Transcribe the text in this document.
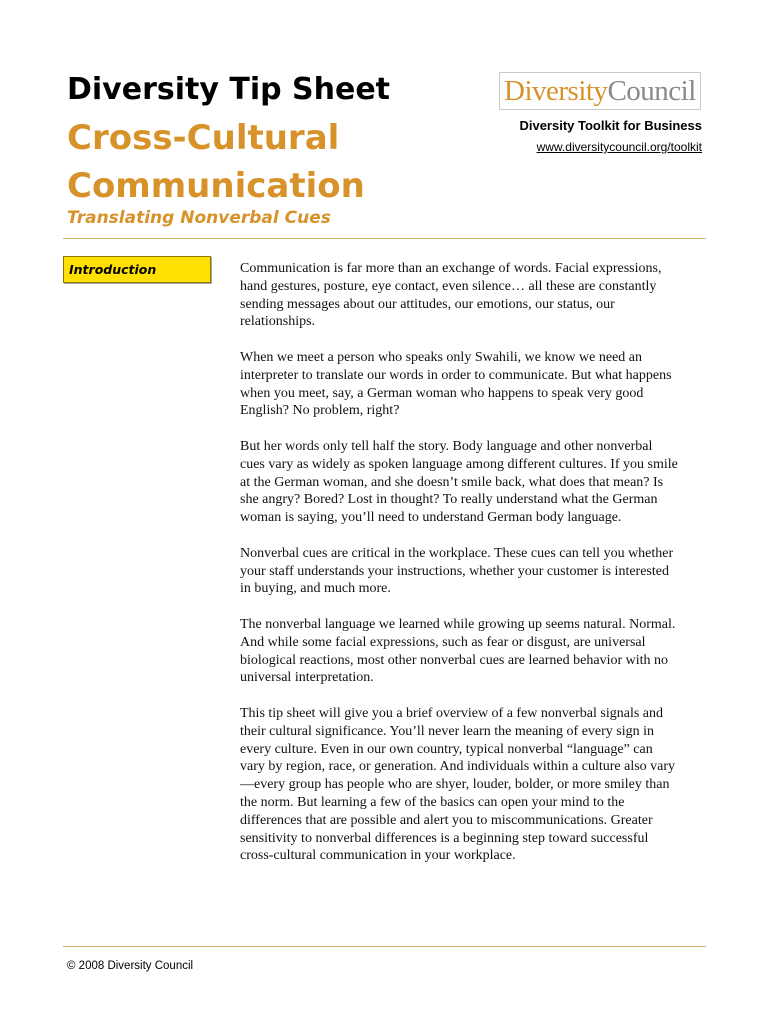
Diversity Tip Sheet
Cross-Cultural Communication
Translating Nonverbal Cues
Diversity Council
Diversity Toolkit for Business
www.diversitycouncil.org/toolkit
Introduction	Communication is far more than an exchange of words. Facial expressions, hand gestures, posture, eye contact, even silence… all these are constantly sending messages about our attitudes, our emotions, our status, our relationships.

When we meet a person who speaks only Swahili, we know we need an interpreter to translate our words in order to communicate. But what happens when you meet, say, a German woman who happens to speak very good English? No problem, right?

But her words only tell half the story. Body language and other nonverbal cues vary as widely as spoken language among different cultures. If you smile at the German woman, and she doesn’t smile back, what does that mean? Is she angry? Bored? Lost in thought? To really understand what the German woman is saying, you’ll need to understand German body language.

Nonverbal cues are critical in the workplace. These cues can tell you whether your staff understands your instructions, whether your customer is interested in buying, and much more.

The nonverbal language we learned while growing up seems natural. Normal. And while some facial expressions, such as fear or disgust, are universal biological reactions, most other nonverbal cues are learned behavior with no universal interpretation.

This tip sheet will give you a brief overview of a few nonverbal signals and their cultural significance. You’ll never learn the meaning of every sign in every culture. Even in our own country, typical nonverbal “language” can vary by region, race, or generation. And individuals within a culture also vary—every group has people who are shyer, louder, bolder, or more smiley than the norm. But learning a few of the basics can open your mind to the differences that are possible and alert you to miscommunications. Greater sensitivity to nonverbal differences is a beginning step toward successful cross-cultural communication in your workplace.

© 2008 Diversity Council
